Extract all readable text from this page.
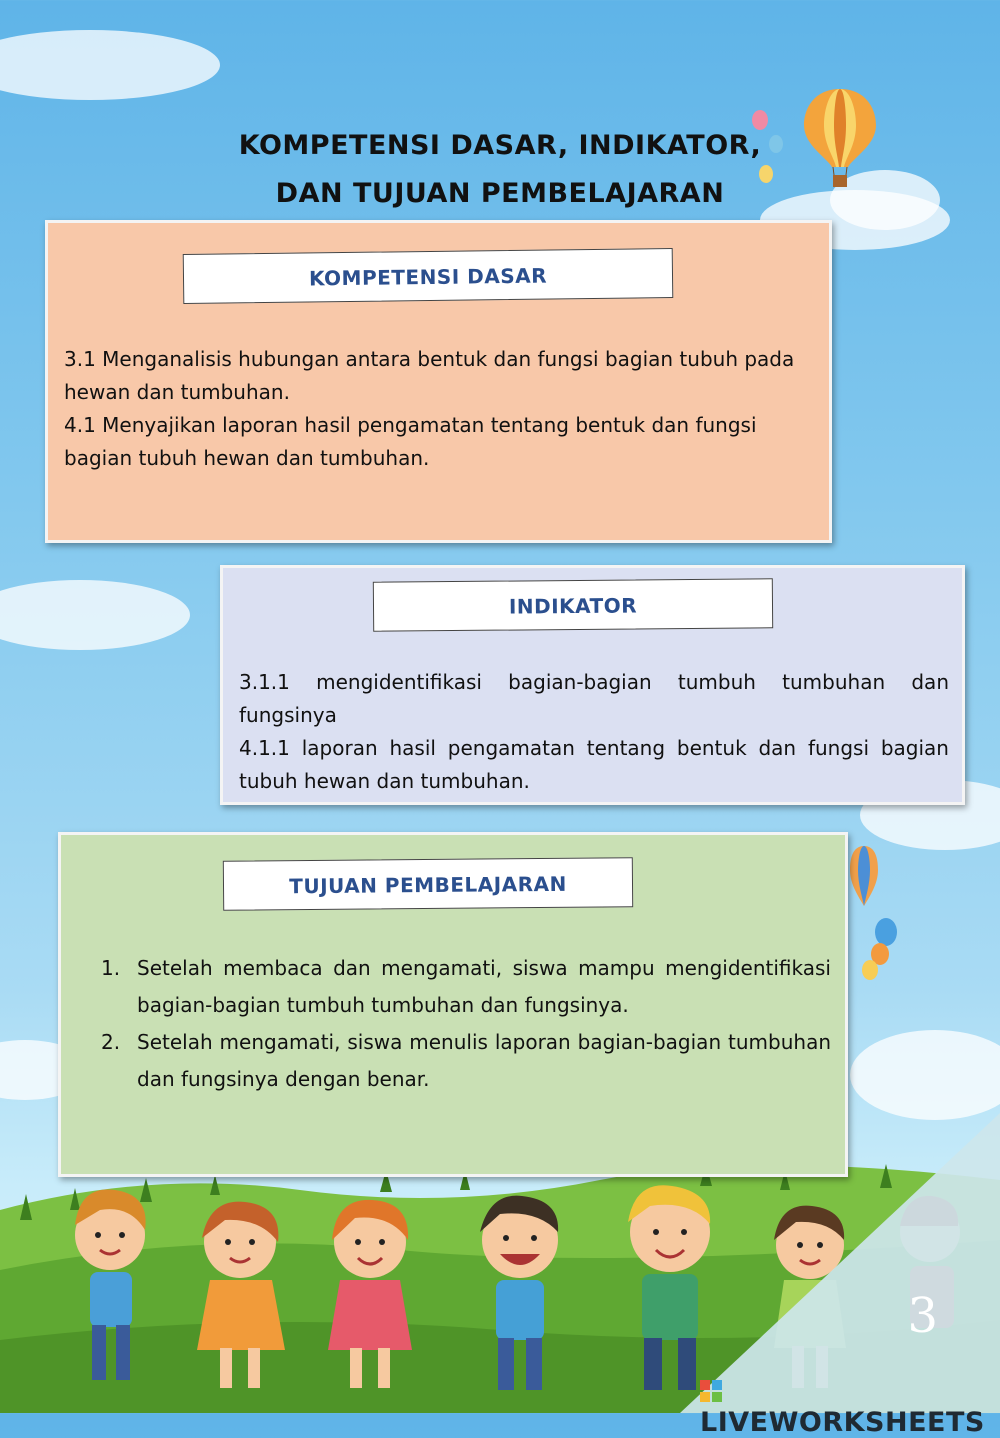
KOMPETENSI DASAR, INDIKATOR,
DAN TUJUAN PEMBELAJARAN
KOMPETENSI DASAR
3.1 Menganalisis hubungan antara bentuk dan fungsi bagian tubuh pada hewan dan tumbuhan.
4.1 Menyajikan laporan hasil pengamatan tentang bentuk dan fungsi bagian tubuh hewan dan tumbuhan.
INDIKATOR
3.1.1 mengidentifikasi bagian-bagian tumbuh tumbuhan dan fungsinya
4.1.1 laporan hasil pengamatan tentang bentuk dan fungsi bagian tubuh hewan dan tumbuhan.
TUJUAN PEMBELAJARAN
1. Setelah membaca dan mengamati, siswa mampu mengidentifikasi bagian-bagian tumbuh tumbuhan dan fungsinya.
2. Setelah mengamati, siswa menulis laporan bagian-bagian tumbuhan dan fungsinya dengan benar.
3
LIVEWORKSHEETS
